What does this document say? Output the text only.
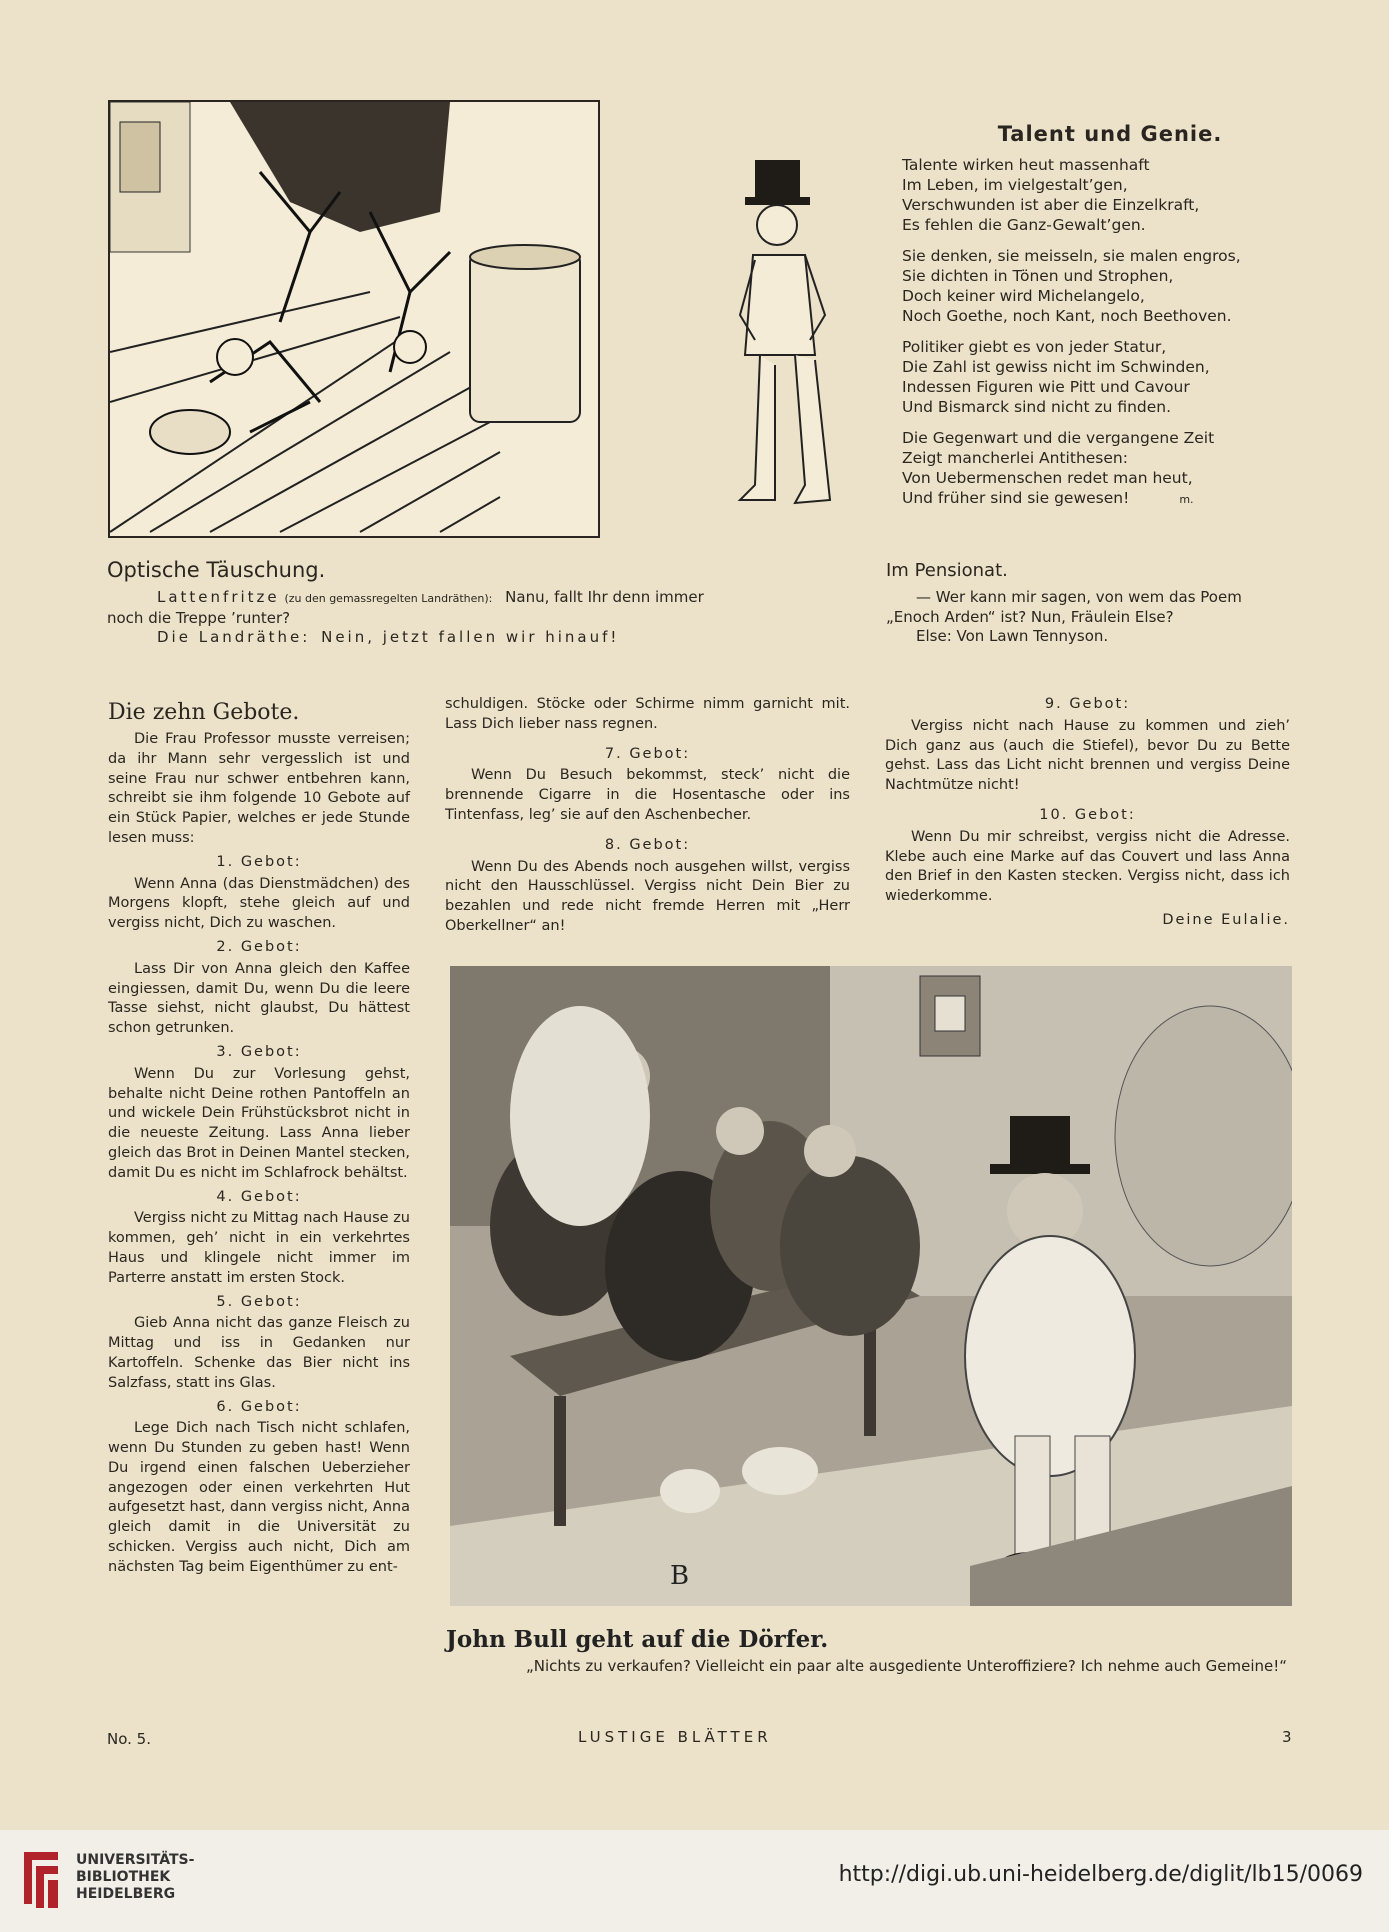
Talent und Genie.
Talente wirken heut massenhaft
Im Leben, im vielgestalt’gen,
Verschwunden ist aber die Einzelkraft,
Es fehlen die Ganz-Gewalt’gen.
Sie denken, sie meisseln, sie malen engros,
Sie dichten in Tönen und Strophen,
Doch keiner wird Michelangelo,
Noch Goethe, noch Kant, noch Beethoven.
Politiker giebt es von jeder Statur,
Die Zahl ist gewiss nicht im Schwinden,
Indessen Figuren wie Pitt und Cavour
Und Bismarck sind nicht zu finden.
Die Gegenwart und die vergangene Zeit
Zeigt mancherlei Antithesen:
Von Uebermenschen redet man heut,
Und früher sind sie gewesen!	m.
Optische Täuschung.
Lattenfritze (zu den gemassregelten Landräthen): Nanu, fallt Ihr denn immer
noch die Treppe ’runter?
Die Landräthe: Nein, jetzt fallen wir hinauf!
Im Pensionat.
— Wer kann mir sagen, von wem das Poem
„Enoch Arden“ ist? Nun, Fräulein Else?
Else: Von Lawn Tennyson.
Die zehn Gebote.

Die Frau Professor musste verreisen; da ihr Mann sehr vergesslich ist und seine Frau nur schwer entbehren kann, schreibt sie ihm folgende 10 Gebote auf ein Stück Papier, welches er jede Stunde lesen muss:

1. Gebot:

Wenn Anna (das Dienstmädchen) des Morgens klopft, stehe gleich auf und vergiss nicht, Dich zu waschen.

2. Gebot:

Lass Dir von Anna gleich den Kaffee eingiessen, damit Du, wenn Du die leere Tasse siehst, nicht glaubst, Du hättest schon getrunken.

3. Gebot:

Wenn Du zur Vorlesung gehst, behalte nicht Deine rothen Pantoffeln an und wickele Dein Frühstücksbrot nicht in die neueste Zeitung. Lass Anna lieber gleich das Brot in Deinen Mantel stecken, damit Du es nicht im Schlafrock behältst.

4. Gebot:

Vergiss nicht zu Mittag nach Hause zu kommen, geh’ nicht in ein verkehrtes Haus und klingele nicht immer im Parterre anstatt im ersten Stock.

5. Gebot:

Gieb Anna nicht das ganze Fleisch zu Mittag und iss in Gedanken nur Kartoffeln. Schenke das Bier nicht ins Salzfass, statt ins Glas.

6. Gebot:

Lege Dich nach Tisch nicht schlafen, wenn Du Stunden zu geben hast! Wenn Du irgend einen falschen Ueberzieher angezogen oder einen verkehrten Hut aufgesetzt hast, dann vergiss nicht, Anna gleich damit in die Universität zu schicken. Vergiss auch nicht, Dich am nächsten Tag beim Eigenthümer zu ent-

schuldigen. Stöcke oder Schirme nimm garnicht mit. Lass Dich lieber nass regnen.

7. Gebot:

Wenn Du Besuch bekommst, steck’ nicht die brennende Cigarre in die Hosentasche oder ins Tintenfass, leg’ sie auf den Aschenbecher.

8. Gebot:

Wenn Du des Abends noch ausgehen willst, vergiss nicht den Hausschlüssel. Vergiss nicht Dein Bier zu bezahlen und rede nicht fremde Herren mit „Herr Oberkellner“ an!

9. Gebot:

Vergiss nicht nach Hause zu kommen und zieh’ Dich ganz aus (auch die Stiefel), bevor Du zu Bette gehst. Lass das Licht nicht brennen und vergiss Deine Nachtmütze nicht!

10. Gebot:

Wenn Du mir schreibst, vergiss nicht die Adresse. Klebe auch eine Marke auf das Couvert und lass Anna den Brief in den Kasten stecken. Vergiss nicht, dass ich wiederkomme.

Deine Eulalie.
B
John Bull geht auf die Dörfer.
„Nichts zu verkaufen? Vielleicht ein paar alte ausgediente Unteroffiziere? Ich nehme auch Gemeine!“
No. 5.	LUSTIGE BLÄTTER	3
UNIVERSITÄTS-
BIBLIOTHEK
HEIDELBERG
http://digi.ub.uni-heidelberg.de/diglit/lb15/0069
